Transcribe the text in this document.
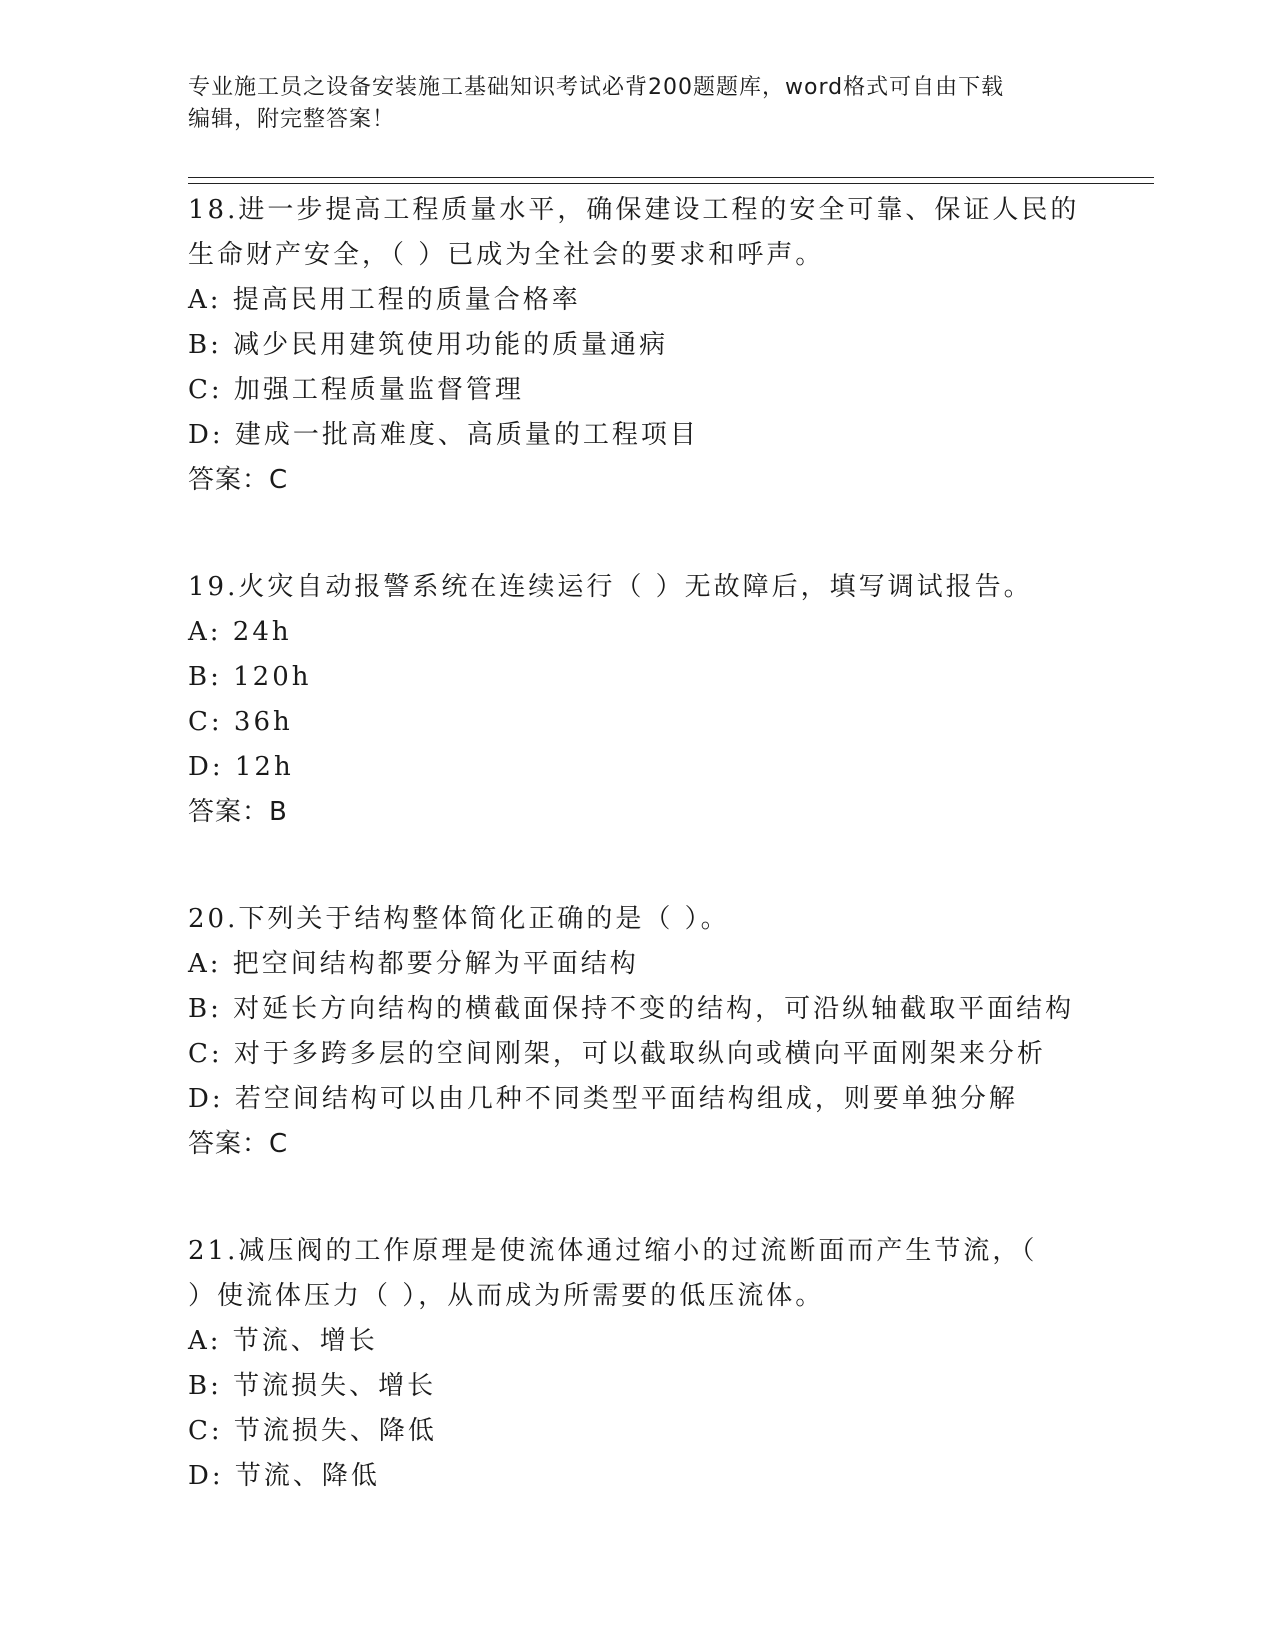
专业施工员之设备安装施工基础知识考试必背200题题库，word格式可自由下载
编辑，附完整答案！
18.进一步提高工程质量水平，确保建设工程的安全可靠、保证人民的
生命财产安全，（ ）已成为全社会的要求和呼声。
A: 提高民用工程的质量合格率
B: 减少民用建筑使用功能的质量通病
C: 加强工程质量监督管理
D: 建成一批高难度、高质量的工程项目
答案：C
19.火灾自动报警系统在连续运行（ ）无故障后，填写调试报告。
A: 24h
B: 120h
C: 36h
D: 12h
答案：B
20.下列关于结构整体简化正确的是（ ）。
A: 把空间结构都要分解为平面结构
B: 对延长方向结构的横截面保持不变的结构，可沿纵轴截取平面结构
C: 对于多跨多层的空间刚架，可以截取纵向或横向平面刚架来分析
D: 若空间结构可以由几种不同类型平面结构组成，则要单独分解
答案：C
21.减压阀的工作原理是使流体通过缩小的过流断面而产生节流，（
）使流体压力（ ），从而成为所需要的低压流体。
A: 节流、增长
B: 节流损失、增长
C: 节流损失、降低
D: 节流、降低
